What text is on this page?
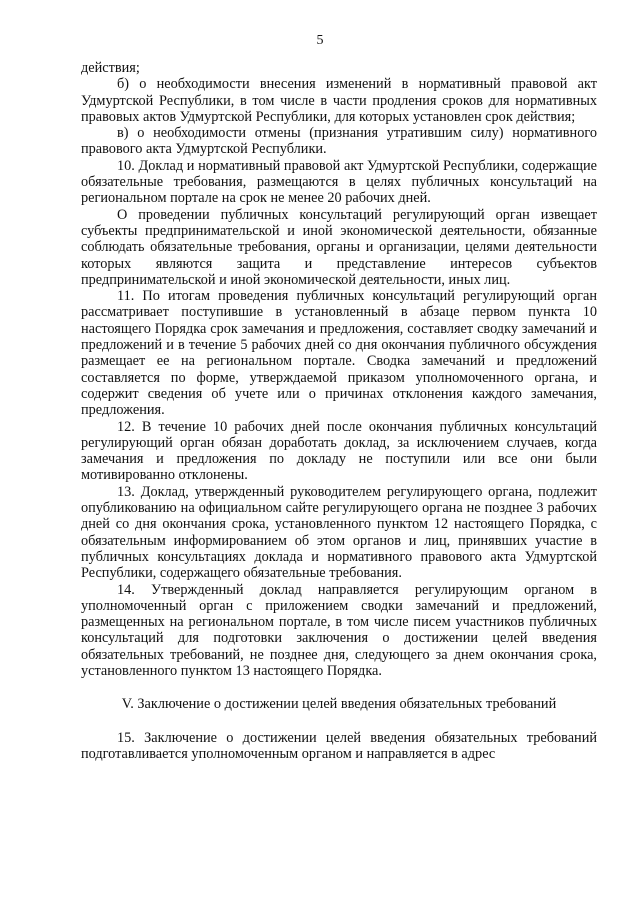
5

действия;

б) о необходимости внесения изменений в нормативный правовой акт Удмуртской Республики, в том числе в части продления сроков для нормативных правовых актов Удмуртской Республики, для которых установлен срок действия;

в) о необходимости отмены (признания утратившим силу) нормативного правового акта Удмуртской Республики.

10. Доклад и нормативный правовой акт Удмуртской Республики, содержащие обязательные требования, размещаются в целях публичных консультаций на региональном портале на срок не менее 20 рабочих дней.

О проведении публичных консультаций регулирующий орган извещает субъекты предпринимательской и иной экономической деятельности, обязанные соблюдать обязательные требования, органы и организации, целями деятельности которых являются защита и представление интересов субъектов предпринимательской и иной экономической деятельности, иных лиц.

11. По итогам проведения публичных консультаций регулирующий орган рассматривает поступившие в установленный в абзаце первом пункта 10 настоящего Порядка срок замечания и предложения, составляет сводку замечаний и предложений и в течение 5 рабочих дней со дня окончания публичного обсуждения размещает ее на региональном портале. Сводка замечаний и предложений составляется по форме, утверждаемой приказом уполномоченного органа, и содержит сведения об учете или о причинах отклонения каждого замечания, предложения.

12. В течение 10 рабочих дней после окончания публичных консультаций регулирующий орган обязан доработать доклад, за исключением случаев, когда замечания и предложения по докладу не поступили или все они были мотивированно отклонены.

13. Доклад, утвержденный руководителем регулирующего органа, подлежит опубликованию на официальном сайте регулирующего органа не позднее 3 рабочих дней со дня окончания срока, установленного пунктом 12 настоящего Порядка, с обязательным информированием об этом органов и лиц, принявших участие в публичных консультациях доклада и нормативного правового акта Удмуртской Республики, содержащего обязательные требования.

14. Утвержденный доклад направляется регулирующим органом в уполномоченный орган с приложением сводки замечаний и предложений, размещенных на региональном портале, в том числе писем участников публичных консультаций для подготовки заключения о достижении целей введения обязательных требований, не позднее дня, следующего за днем окончания срока, установленного пунктом 13 настоящего Порядка.

V. Заключение о достижении целей введения обязательных требований

15. Заключение о достижении целей введения обязательных требований подготавливается уполномоченным органом и направляется в адрес
